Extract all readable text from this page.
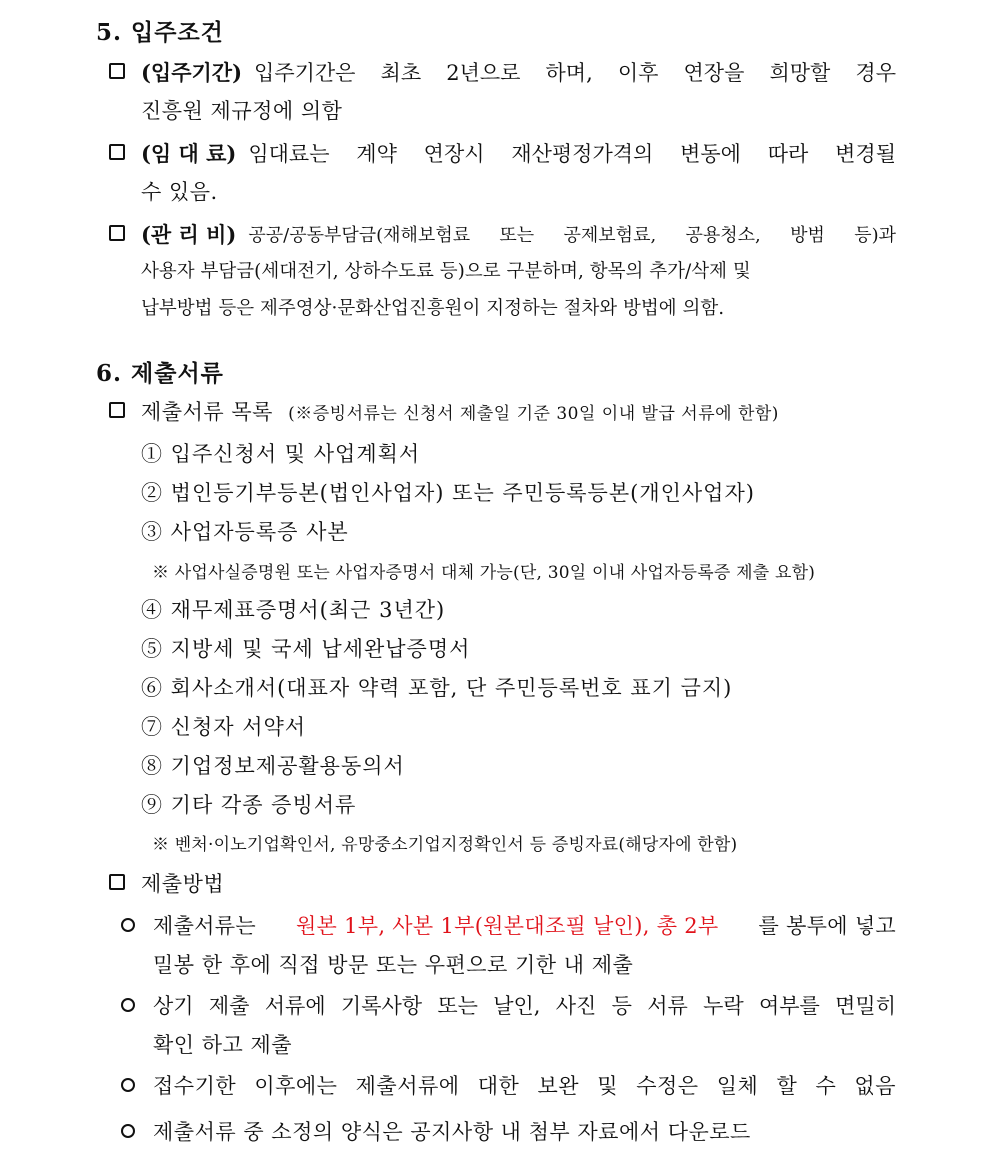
5. 입주조건
(입주기간) 입주기간은 최초 2년으로 하며, 이후 연장을 희망할 경우
진흥원 제규정에 의함
(임 대 료) 임대료는 계약 연장시 재산평정가격의 변동에 따라 변경될
수 있음.
(관 리 비) 공공/공동부담금(재해보험료 또는 공제보험료, 공용청소, 방범 등)과
사용자 부담금(세대전기, 상하수도료 등)으로 구분하며, 항목의 추가/삭제 및
납부방법 등은 제주영상·문화산업진흥원이 지정하는 절차와 방법에 의함.
6. 제출서류
제출서류 목록 (※증빙서류는 신청서 제출일 기준 30일 이내 발급 서류에 한함)
① 입주신청서 및 사업계획서
② 법인등기부등본(법인사업자) 또는 주민등록등본(개인사업자)
③ 사업자등록증 사본
※ 사업사실증명원 또는 사업자증명서 대체 가능(단, 30일 이내 사업자등록증 제출 요함)
④ 재무제표증명서(최근 3년간)
⑤ 지방세 및 국세 납세완납증명서
⑥ 회사소개서(대표자 약력 포함, 단 주민등록번호 표기 금지)
⑦ 신청자 서약서
⑧ 기업정보제공활용동의서
⑨ 기타 각종 증빙서류
※ 벤처·이노기업확인서, 유망중소기업지정확인서 등 증빙자료(해당자에 한함)
제출방법
제출서류는 원본 1부, 사본 1부(원본대조필 날인), 총 2부 를 봉투에 넣고
밀봉 한 후에 직접 방문 또는 우편으로 기한 내 제출
상기 제출 서류에 기록사항 또는 날인, 사진 등 서류 누락 여부를 면밀히
확인 하고 제출
접수기한 이후에는 제출서류에 대한 보완 및 수정은 일체 할 수 없음
제출서류 중 소정의 양식은 공지사항 내 첨부 자료에서 다운로드
